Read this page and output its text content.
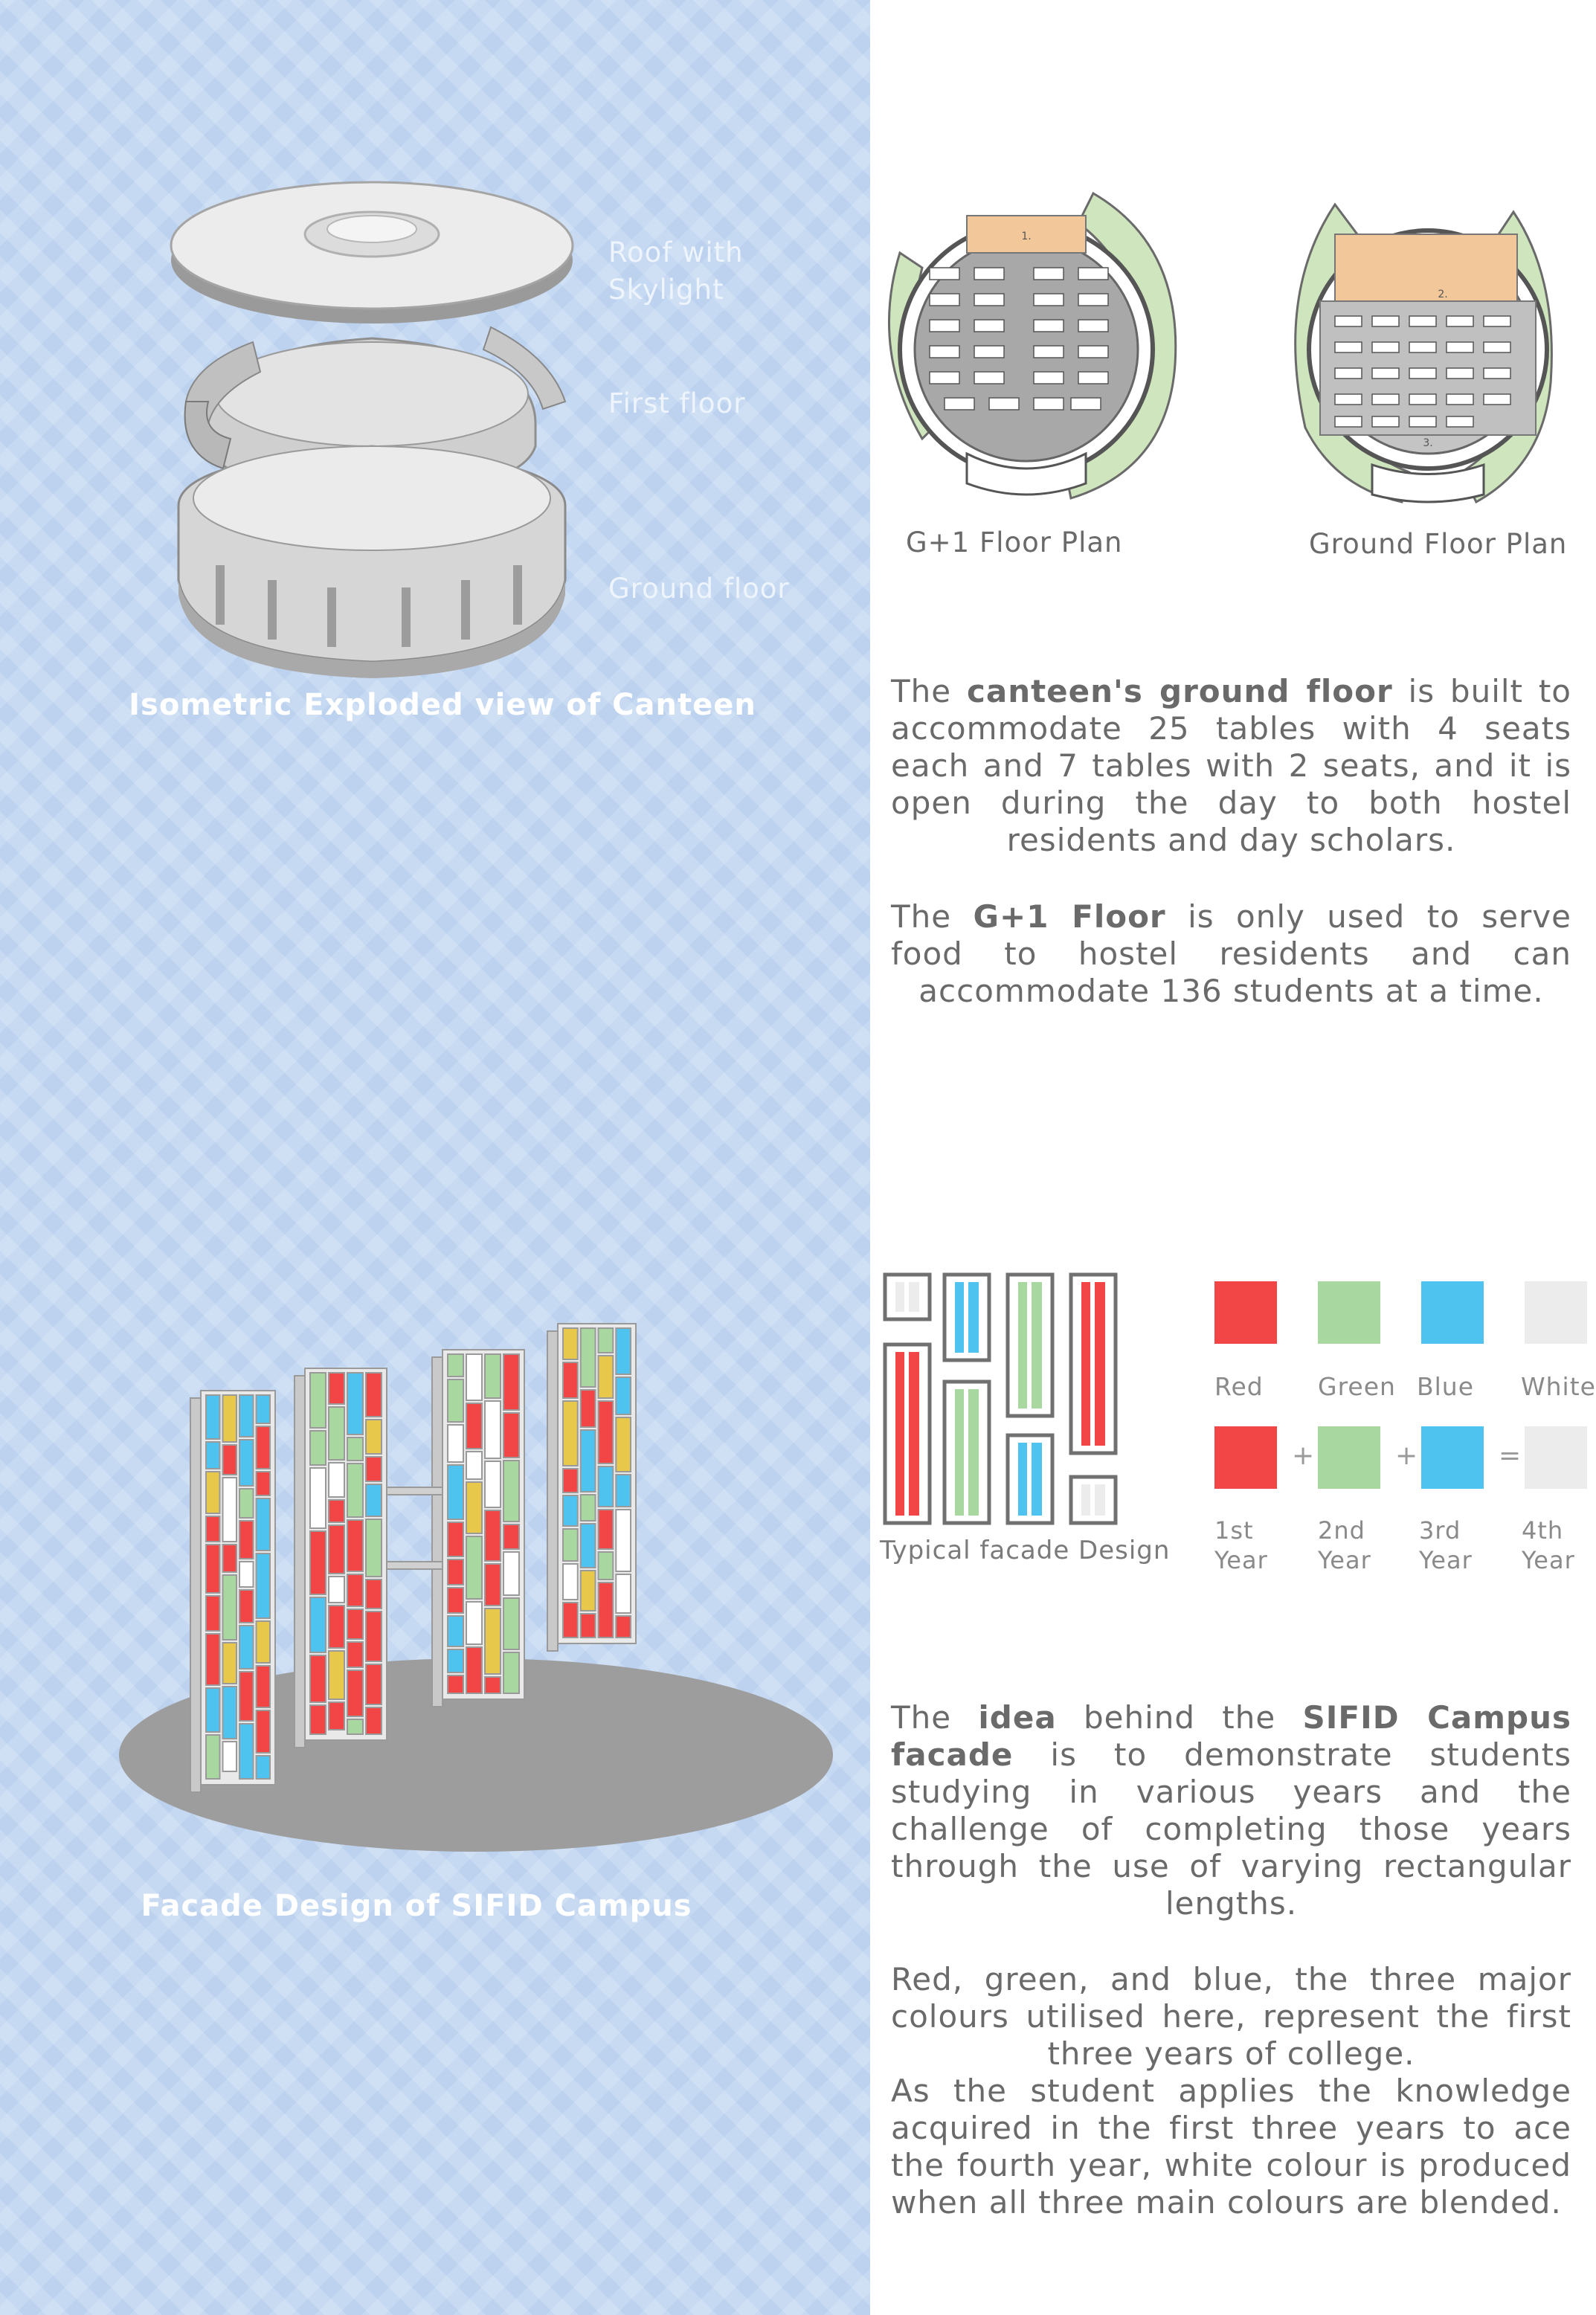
Roof with
Skylight
First floor
Ground floor
Isometric Exploded view of Canteen
1.
G+1 Floor Plan
2.
3.
Ground Floor Plan
The canteen's ground floor is built to accommodate 25 tables with 4 seats each and 7 tables with 2 seats, and it is open during the day to both hostel residents and day scholars.
The G+1 Floor is only used to serve food to hostel residents and can accommodate 136 students at a time.
Facade Design of SIFID Campus
Typical facade Design
Red Green Blue White
+	+	=
1st
Year
2nd
Year
3rd
Year
4th
Year
The idea behind the SIFID Campus facade is to demonstrate students studying in various years and the challenge of completing those years through the use of varying rectangular lengths.
Red, green, and blue, the three major colours utilised here, represent the first three years of college.
As the student applies the knowledge acquired in the first three years to ace the fourth year, white colour is produced when all three main colours are blended.
